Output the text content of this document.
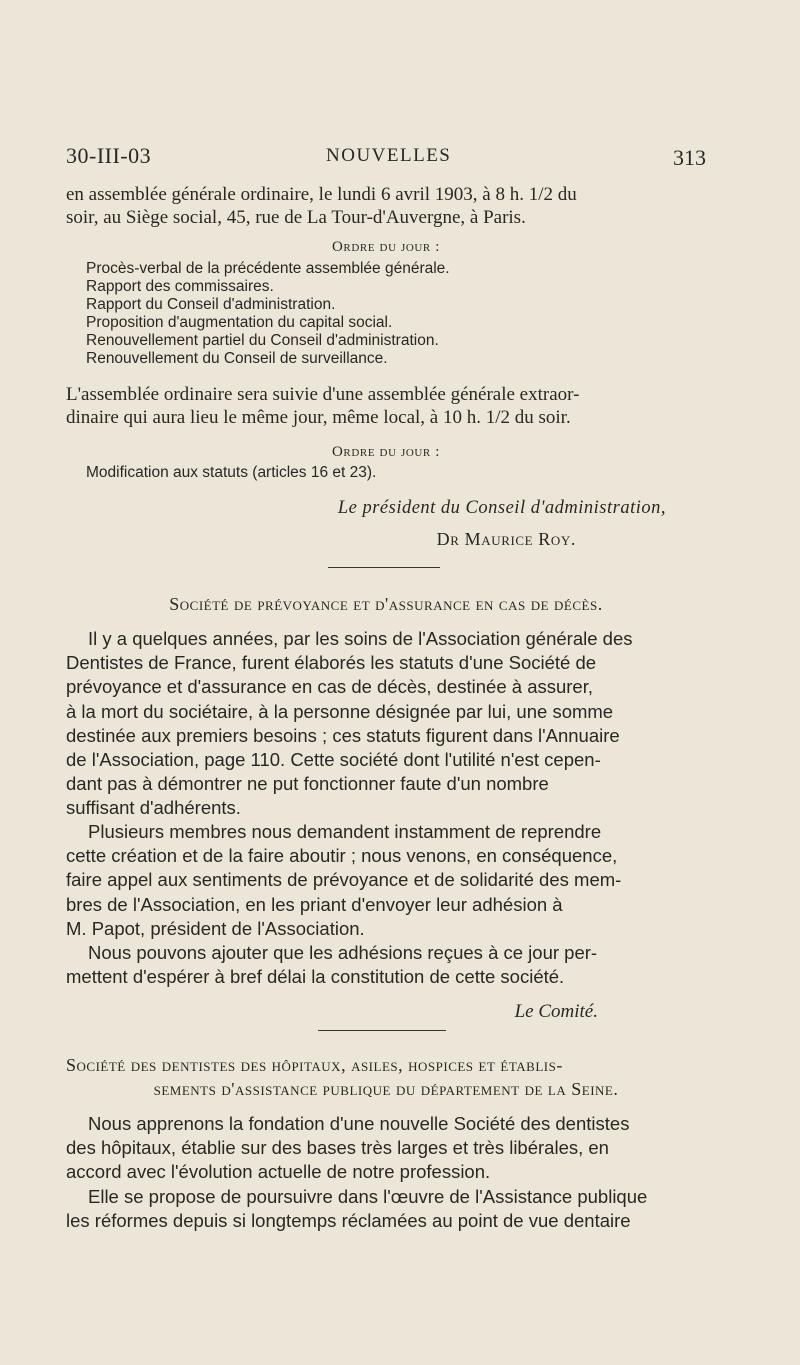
30-III-03	NOUVELLES	313
en assemblée générale ordinaire, le lundi 6 avril 1903, à 8 h. 1/2 du
soir, au Siège social, 45, rue de La Tour-d'Auvergne, à Paris.
Ordre du jour :
Procès-verbal de la précédente assemblée générale.
Rapport des commissaires.
Rapport du Conseil d'administration.
Proposition d'augmentation du capital social.
Renouvellement partiel du Conseil d'administration.
Renouvellement du Conseil de surveillance.
L'assemblée ordinaire sera suivie d'une assemblée générale extraor-
dinaire qui aura lieu le même jour, même local, à 10 h. 1/2 du soir.
Ordre du jour :
Modification aux statuts (articles 16 et 23).
Le président du Conseil d'administration,
Dr Maurice Roy.
Société de prévoyance et d'assurance en cas de décès.
Il y a quelques années, par les soins de l'Association générale des
Dentistes de France, furent élaborés les statuts d'une Société de
prévoyance et d'assurance en cas de décès, destinée à assurer,
à la mort du sociétaire, à la personne désignée par lui, une somme
destinée aux premiers besoins ; ces statuts figurent dans l'Annuaire
de l'Association, page 110. Cette société dont l'utilité n'est cepen-
dant pas à démontrer ne put fonctionner faute d'un nombre
suffisant d'adhérents.
Plusieurs membres nous demandent instamment de reprendre
cette création et de la faire aboutir ; nous venons, en conséquence,
faire appel aux sentiments de prévoyance et de solidarité des mem-
bres de l'Association, en les priant d'envoyer leur adhésion à
M. Papot, président de l'Association.
Nous pouvons ajouter que les adhésions reçues à ce jour per-
mettent d'espérer à bref délai la constitution de cette société.
Le Comité.
Société des dentistes des hôpitaux, asiles, hospices et établis-
sements d'assistance publique du département de la Seine.
Nous apprenons la fondation d'une nouvelle Société des dentistes
des hôpitaux, établie sur des bases très larges et très libérales, en
accord avec l'évolution actuelle de notre profession.
Elle se propose de poursuivre dans l'œuvre de l'Assistance publique
les réformes depuis si longtemps réclamées au point de vue dentaire
